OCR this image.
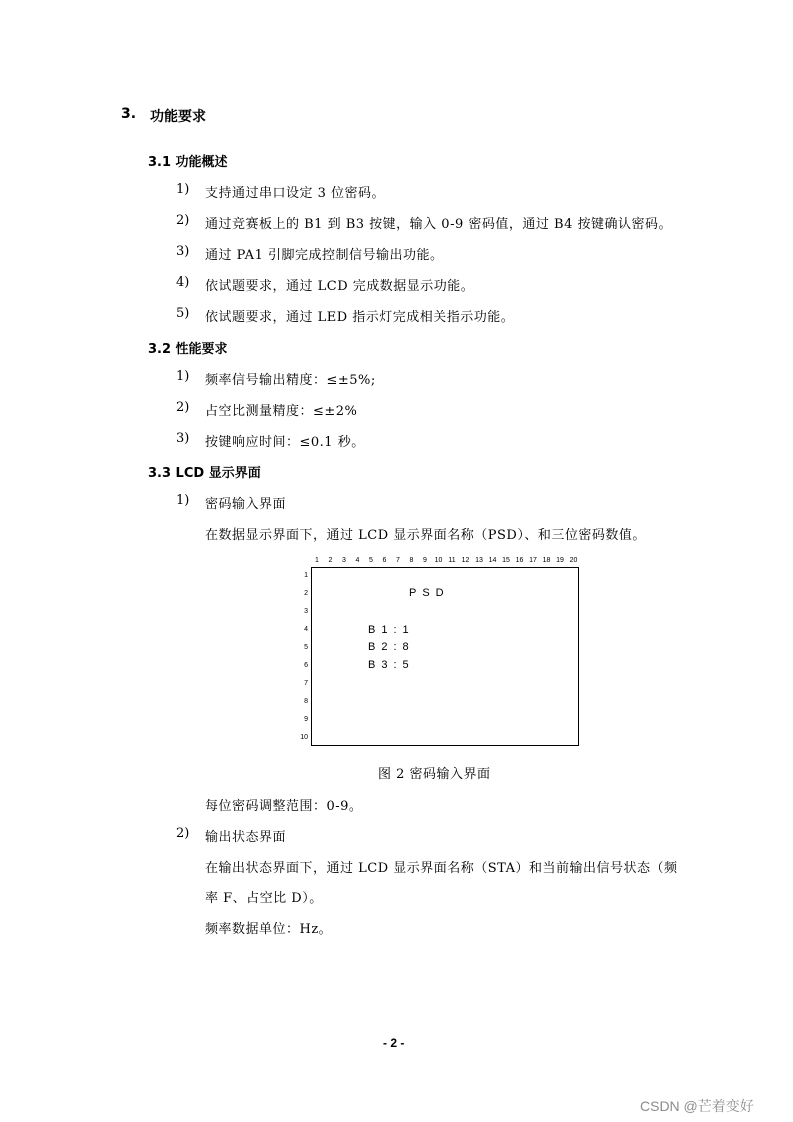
3. 功能要求
3.1 功能概述
1) 支持通过串口设定 3 位密码。
2) 通过竞赛板上的 B1 到 B3 按键，输入 0-9 密码值，通过 B4 按键确认密码。
3) 通过 PA1 引脚完成控制信号输出功能。
4) 依试题要求，通过 LCD 完成数据显示功能。
5) 依试题要求，通过 LED 指示灯完成相关指示功能。
3.2 性能要求
1) 频率信号输出精度：≤±5%;
2) 占空比测量精度：≤±2%
3) 按键响应时间：≤0.1 秒。
3.3 LCD 显示界面
1) 密码输入界面
在数据显示界面下，通过 LCD 显示界面名称（PSD）、和三位密码数值。
1	2	3	4	5	6	7	8	9	10 11 12 13 14 15 16 17 18 19 20
1
2
3
4
5
6
7
8
9
10
PSD
B1:1
B2:8
B3:5
图 2 密码输入界面
每位密码调整范围：0-9。
2) 输出状态界面
在输出状态界面下，通过 LCD 显示界面名称（STA）和当前输出信号状态（频
率 F、占空比 D）。
频率数据单位：Hz。
- 2 -
CSDN @芒着变好
